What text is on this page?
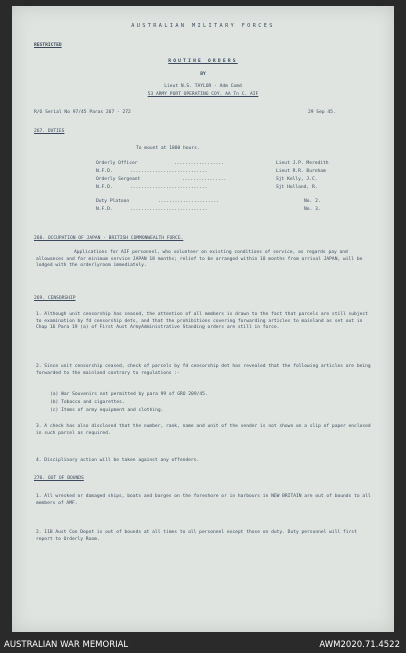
AUSTRALIAN MILITARY FORCES
RESTRICTED
ROUTINE ORDERS
BY
Lieut N.S. TAYLOR - Adm Comd
53 ARMY PORT OPERATING COY. AA Tn C. AIF
R/O Serial No 97/45 Paras 267 - 272	29 Sep 45.
267. DUTIES
To mount at 1800 hours.
Orderly Officer	..................	Lieut J.P. Meredith
N.F.D.	............................	Lieut R.R. Burnham
Orderly Sergeant	................	Sjt Kelly, J.C.
N.F.D.	............................	Sjt Holland, R.
Duty Platoon	......................	No. 2.
N.F.D.	............................	No. 3.
268. OCCUPATION OF JAPAN - BRITISH COMMONWEALTH FORCE.
Applications for AIF personnel, who volunteer on existing conditions of service, as regards pay and allowances and for minimum service JAPAN 18 months; relief to be arranged within 18 months from arrival JAPAN, will be lodged with the orderlyroom immediately.
269. CENSORSHIP
1. Although unit censorship has ceased, the attention of all members is drawn to the fact that parcels are still subject to examination by fd censorship dets, and that the prohibitions covering forwarding articles to mainland as set out in Chap 16 Para 19 (a) of First Aust ArmyAdministrative Standing orders are still in force.
2. Since unit censorship ceased, check of parcels by fd censorship det has revealed that the following articles are being forwarded to the mainland contrary to regulations :-
(a) War Souvenirs not permitted by para 99 of GRO 209/45.
(b) Tobacco and cigarettes.
(c) Items of army equipment and clothing.
3. A check has also disclosed that the number, rank, name and unit of the sender is not shown on a slip of paper enclosed in such parcel as required.
4. Disciplinary action will be taken against any offenders.
270. OUT OF BOUNDS
1. All wrecked or damaged ships, boats and barges on the foreshore or in harbours in NEW BRITAIN are out of bounds to all members of AMF.
2. 11B Aust Con Depot is out of bounds at all times to all personnel except those on duty. Duty personnel will first report to Orderly Room.
AUSTRALIAN WAR MEMORIAL	AWM2020.71.4522
